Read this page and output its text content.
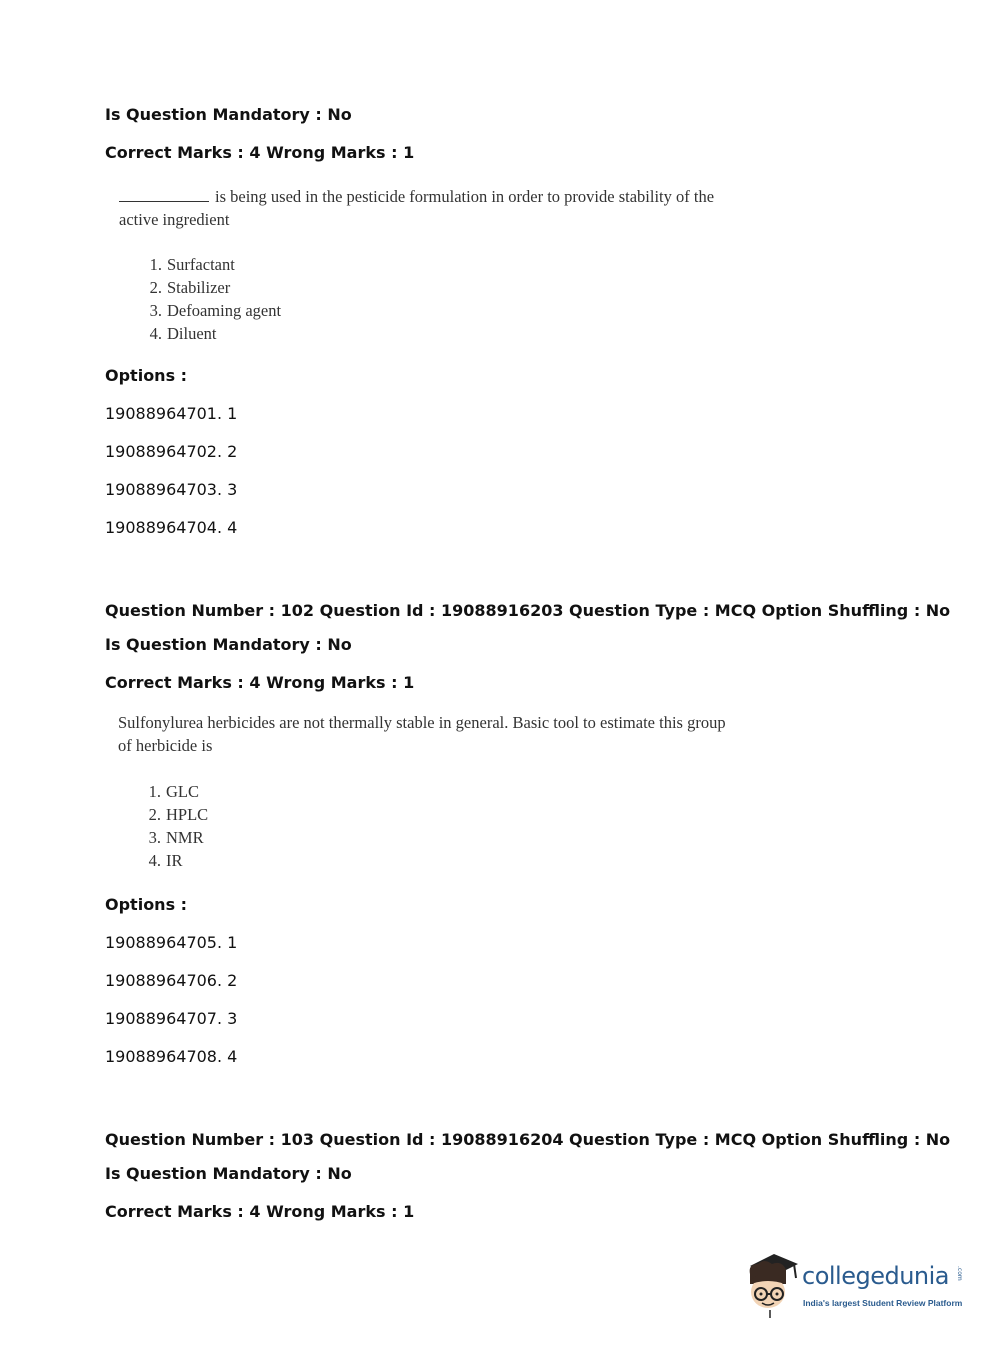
Is Question Mandatory : No

Correct Marks : 4 Wrong Marks : 1

is being used in the pesticide formulation in order to provide stability of the
active ingredient
1. Surfactant
2. Stabilizer
3. Defoaming agent
4. Diluent

Options :

19088964701. 1

19088964702. 2

19088964703. 3

19088964704. 4

Question Number : 102 Question Id : 19088916203 Question Type : MCQ Option Shuffling : No

Is Question Mandatory : No

Correct Marks : 4 Wrong Marks : 1

Sulfonylurea herbicides are not thermally stable in general. Basic tool to estimate this group
of herbicide is
1. GLC
2. HPLC
3. NMR
4. IR

Options :

19088964705. 1

19088964706. 2

19088964707. 3

19088964708. 4

Question Number : 103 Question Id : 19088916204 Question Type : MCQ Option Shuffling : No

Is Question Mandatory : No

Correct Marks : 4 Wrong Marks : 1

collegedunia .com
India's largest Student Review Platform
